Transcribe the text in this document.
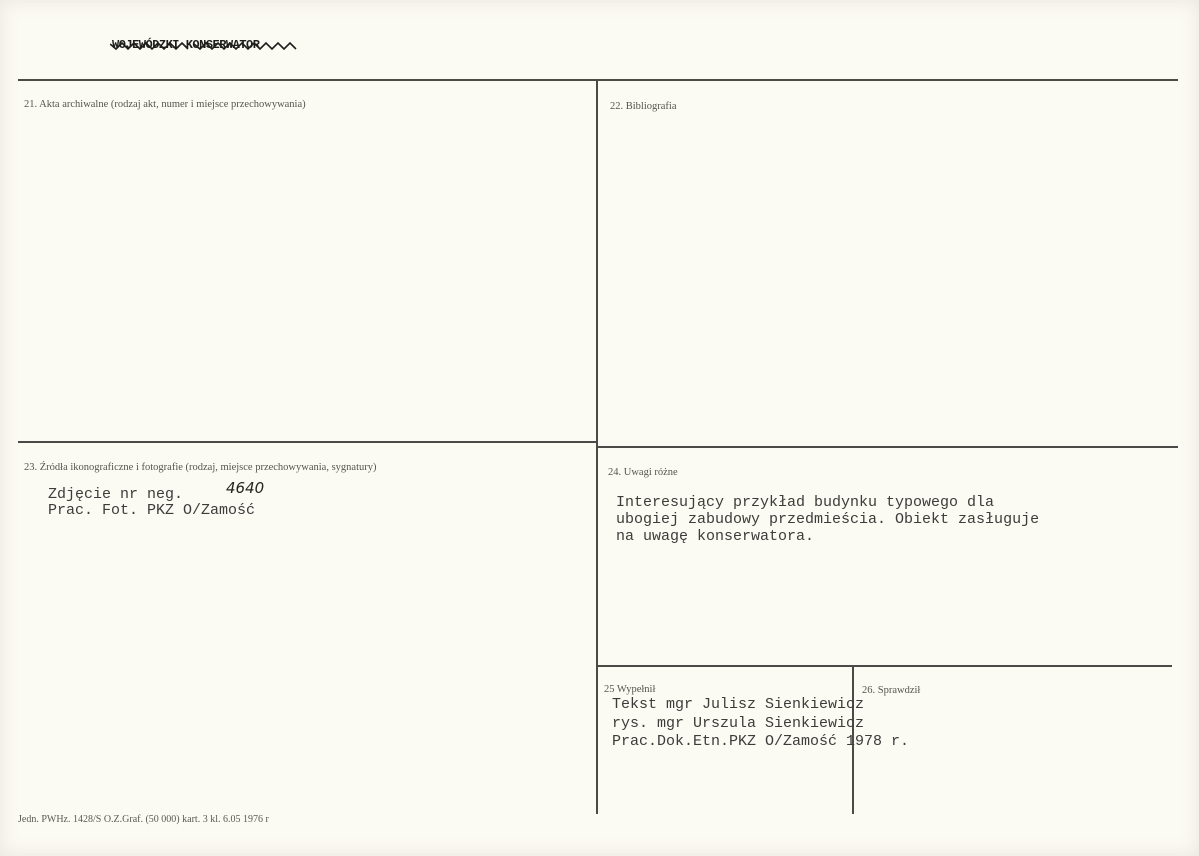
WOJEWÓDZKI KONSERWATOR
21. Akta archiwalne (rodzaj akt, numer i miejsce przechowywania)	22. Bibliografia
23. Źródła ikonograficzne i fotografie (rodzaj, miejsce przechowywania, sygnatury)
Zdjęcie nr neg.	4640
Prac. Fot. PKZ O/Zamość
24. Uwagi różne
Interesujący przykład budynku typowego dla
ubogiej zabudowy przedmieścia. Obiekt zasługuje
na uwagę konserwatora.
25 Wypełnił
Tekst mgr Julisz Sienkiewicz
rys. mgr Urszula Sienkiewicz
Prac.Dok.Etn.PKZ O/Zamość 1978 r.
26. Sprawdził
Jedn. PWHz. 1428/S O.Z.Graf. (50 000) kart. 3 kl. 6.05 1976 r
